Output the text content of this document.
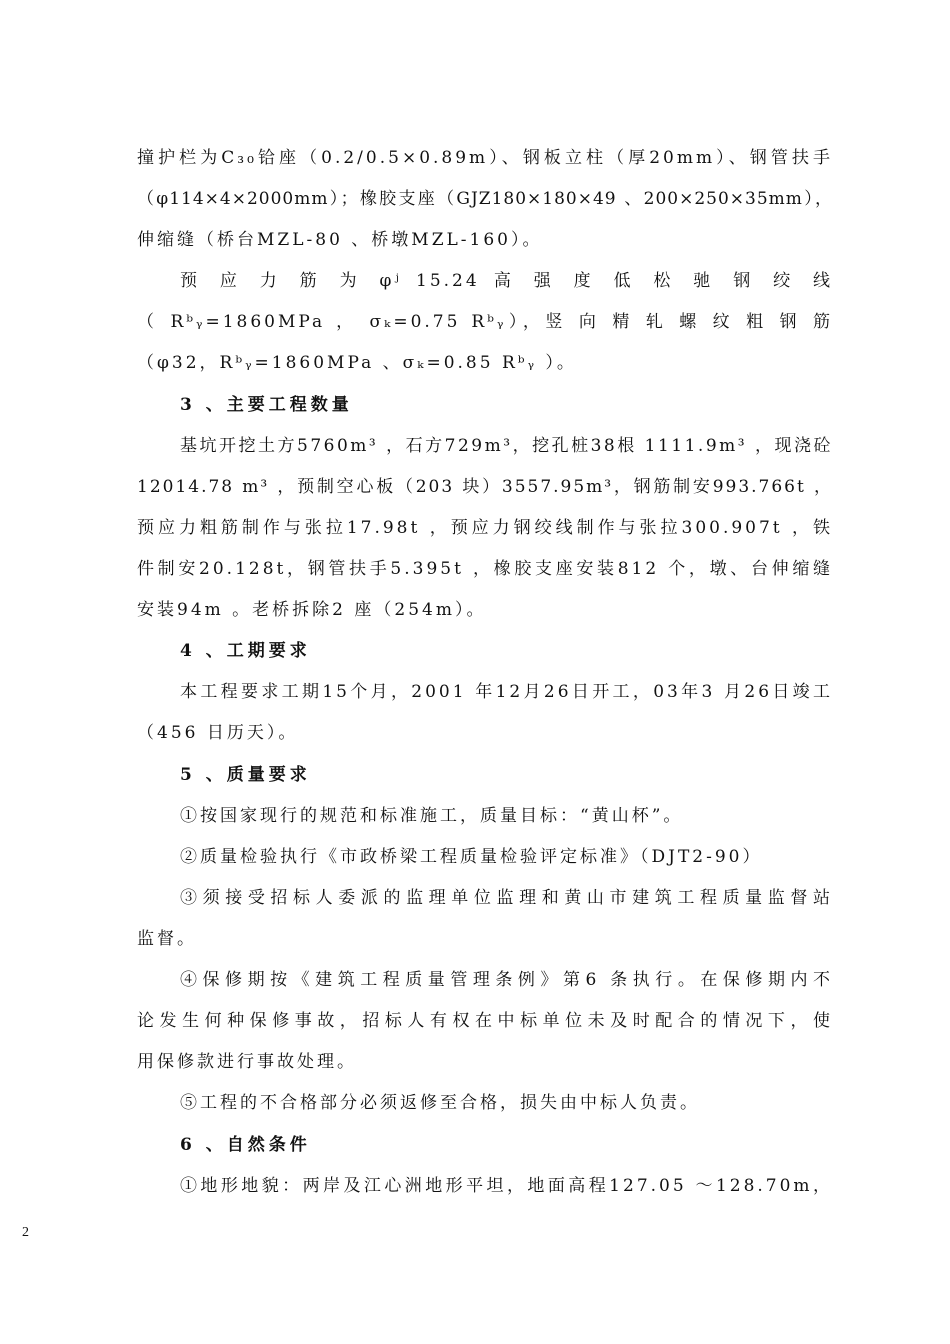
撞护栏为C₃₀铪座（0.2/0.5×0.89m）、钢板立柱（厚20mm）、钢管扶手
（φ114×4×2000mm）；橡胶支座（GJZ180×180×49 、200×250×35mm），
伸缩缝（桥台MZL-80 、桥墩MZL-160）。
预 应 力 筋 为 φʲ 15.24 高 强 度 低 松 驰 钢 绞 线
（ Rᵇᵧ=1860MPa ， σₖ=0.75 Rᵇᵧ），竖 向 精 轧 螺 纹 粗 钢 筋
（φ32，Rᵇᵧ=1860MPa 、σₖ=0.85 Rᵇᵧ ）。
3 、主要工程数量
基坑开挖土方5760m³ ，石方729m³，挖孔桩38根 1111.9m³ ，现浇砼
12014.78 m³ ，预制空心板（203 块）3557.95m³，钢筋制安993.766t ，
预应力粗筋制作与张拉17.98t ，预应力钢绞线制作与张拉300.907t ，铁
件制安20.128t，钢管扶手5.395t ，橡胶支座安装812 个，墩、台伸缩缝
安装94m 。老桥拆除2 座（254m）。
4 、工期要求
本工程要求工期15个月，2001 年12月26日开工，03年3 月26日竣工
（456 日历天）。
5 、质量要求
①按国家现行的规范和标准施工，质量目标：“黄山杯”。
②质量检验执行《市政桥梁工程质量检验评定标准》（DJT2-90）
③须接受招标人委派的监理单位监理和黄山市建筑工程质量监督站
监督。
④保修期按《建筑工程质量管理条例》第6 条执行。在保修期内不
论发生何种保修事故，招标人有权在中标单位未及时配合的情况下，使
用保修款进行事故处理。
⑤工程的不合格部分必须返修至合格，损失由中标人负责。
6 、自然条件
①地形地貌：两岸及江心洲地形平坦，地面高程127.05 ～128.70m，
2
